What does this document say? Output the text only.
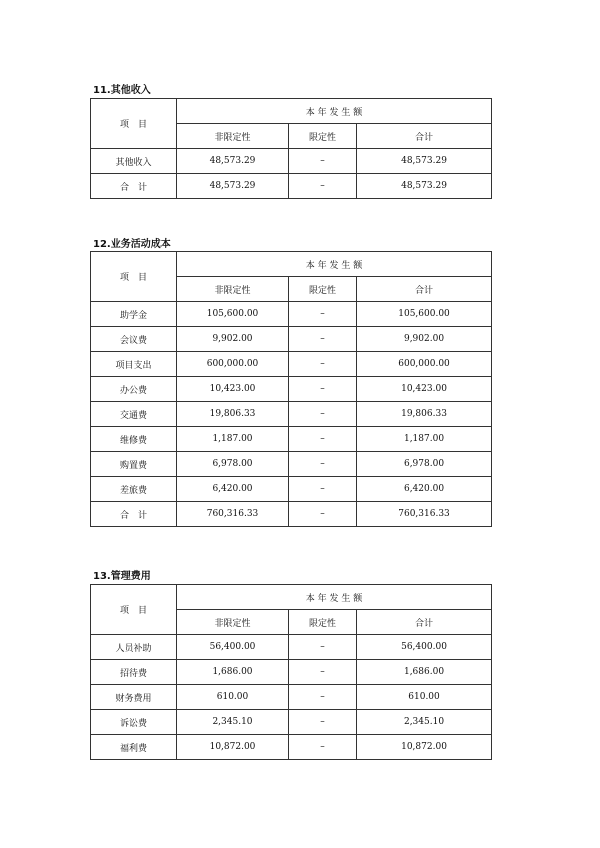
11.其他收入
项　目	本 年 发 生 额		
	非限定性	限定性	合计
其他收入	48,573.29	–	48,573.29
合　计	48,573.29	–	48,573.29
12.业务活动成本
项　目	本 年 发 生 额		
	非限定性	限定性	合计
助学金	105,600.00	–	105,600.00
会议费	9,902.00	–	9,902.00
项目支出	600,000.00	–	600,000.00
办公费	10,423.00	–	10,423.00
交通费	19,806.33	–	19,806.33
维修费	1,187.00	–	1,187.00
购置费	6,978.00	–	6,978.00
差旅费	6,420.00	–	6,420.00
合　计	760,316.33	–	760,316.33
13.管理费用
项　目	本 年 发 生 额		
	非限定性	限定性	合计
人员补助	56,400.00	–	56,400.00
招待费	1,686.00	–	1,686.00
财务费用	610.00	–	610.00
诉讼费	2,345.10	–	2,345.10
福利费	10,872.00	–	10,872.00
